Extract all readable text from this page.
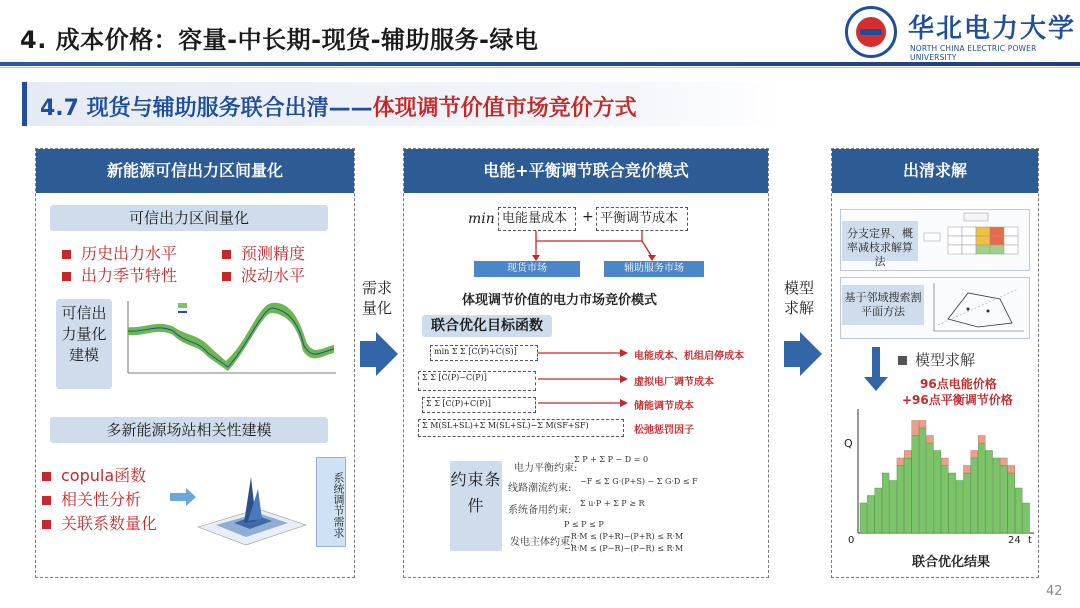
4. 成本价格：容量-中长期-现货-辅助服务-绿电	华北电力大学
NORTH CHINA ELECTRIC POWER UNIVERSITY
4.7 现货与辅助服务联合出清——体现调节价值市场竞价方式
新能源可信出力区间量化
可信出力区间量化
历史出力水平	预测精度
出力季节特性	波动水平
可信出力量化建模
多新能源场站相关性建模
copula函数
相关性分析
关联系数量化	系统调节需求
需求量化
电能+平衡调节联合竞价模式
min 电能量成本	+ 平衡调节成本
现货市场	辅助服务市场
体现调节价值的电力市场竞价模式
联合优化目标函数
min Σ Σ [C(P)+C(S)]
Σ Σ [C(P)−C(P)]
Σ Σ [C(P)+C(P)]
Σ M(SL+SL)+Σ M(SL+SL)−Σ M(SF+SF)
电能成本、机组启停成本
虚拟电厂调节成本
储能调节成本
松弛惩罚因子
约束条件
电力平衡约束:
线路潮流约束:
系统备用约束:
发电主体约束:
Σ P + Σ P − D = 0
−F ≤ Σ G·(P+S) − Σ G·D ≤ F
Σ u·P + Σ P ≥ R
P ≤ P ≤ P
−R·M ≤ (P+R)−(P+R) ≤ R·M
−R·M ≤ (P−R)−(P−R) ≤ R·M
模型求解
出清求解
分支定界、概率减枝求解算法
基于邻域搜索割平面方法
模型求解
96点电能价格
+96点平衡调节价格
Q
0	24 t
联合优化结果
42
